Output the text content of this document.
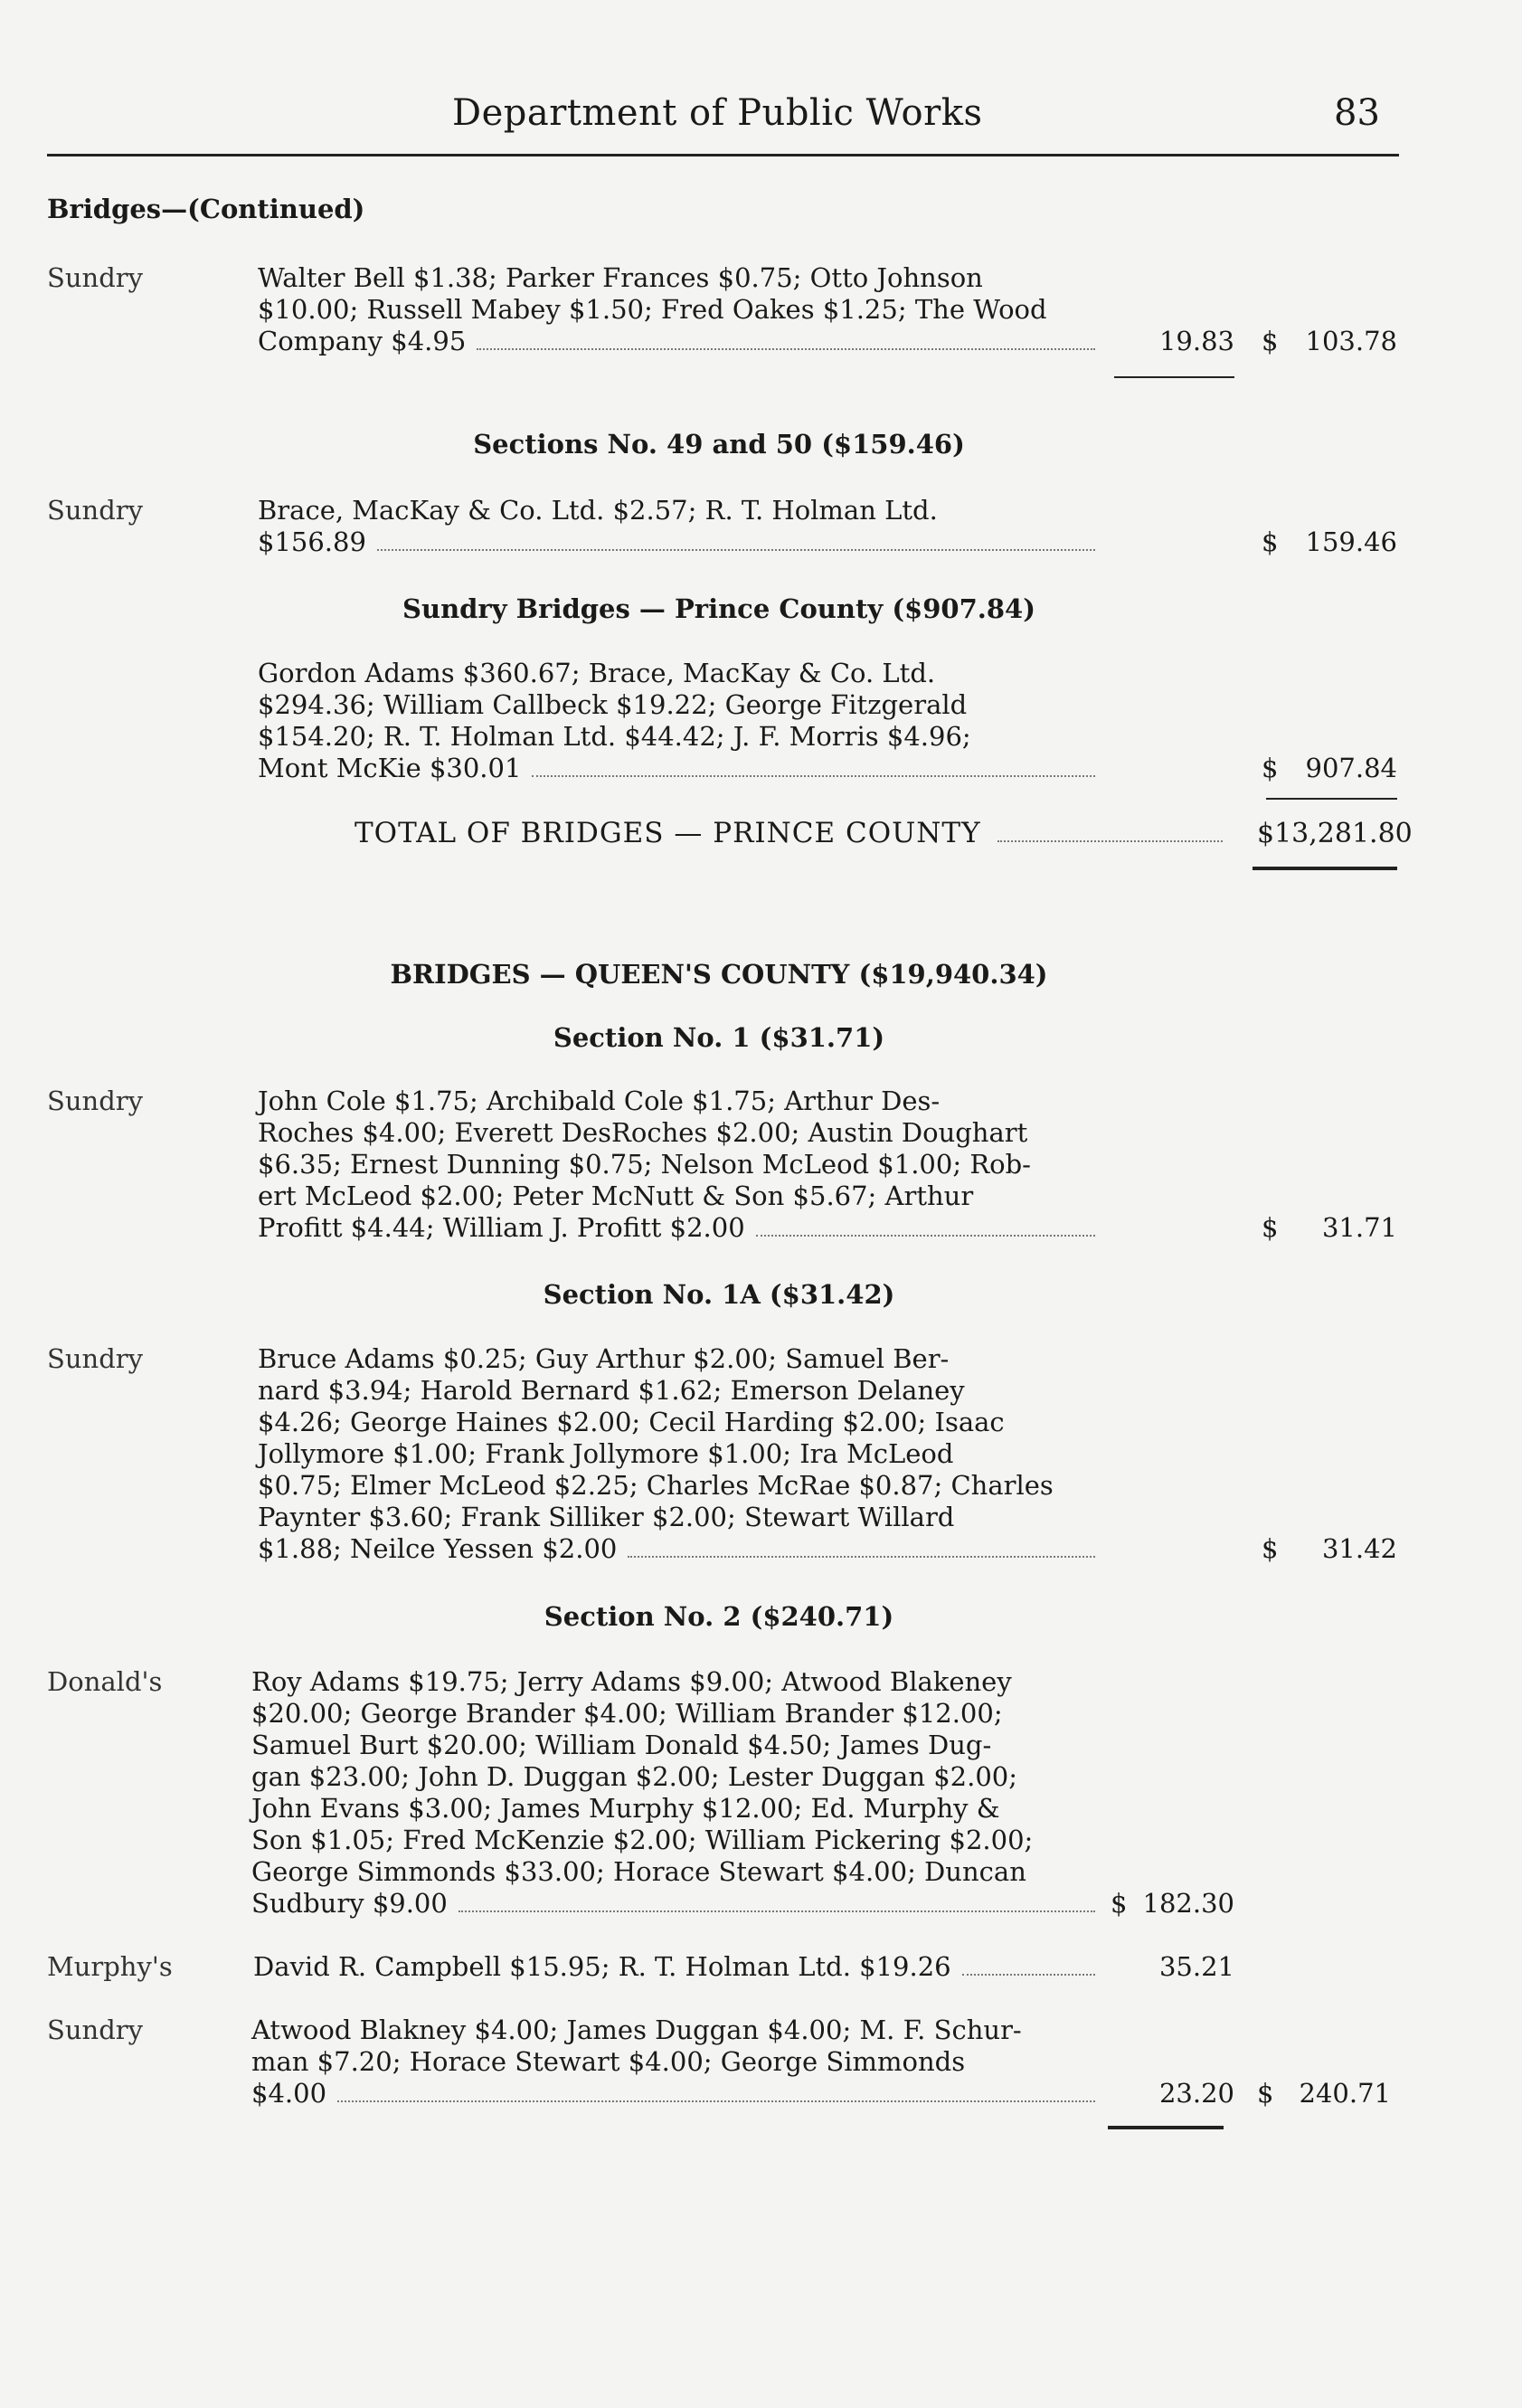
Department of Public Works	83
Bridges—(Continued)
Sundry	Walter Bell $1.38; Parker Frances $0.75; Otto Johnson
$10.00; Russell Mabey $1.50; Fred Oakes $1.25; The Wood
Company $4.95	19.83 $	103.78
Sections No. 49 and 50 ($159.46)
Sundry	Brace, MacKay & Co. Ltd. $2.57; R. T. Holman Ltd.
$156.89	$	159.46
Sundry Bridges — Prince County ($907.84)
Gordon Adams $360.67; Brace, MacKay & Co. Ltd.
$294.36; William Callbeck $19.22; George Fitzgerald
$154.20; R. T. Holman Ltd. $44.42; J. F. Morris $4.96;
Mont McKie $30.01	$	907.84
TOTAL OF BRIDGES — PRINCE COUNTY	$13,281.80
BRIDGES — QUEEN'S COUNTY ($19,940.34)
Section No. 1 ($31.71)
Sundry	John Cole $1.75; Archibald Cole $1.75; Arthur Des-
Roches $4.00; Everett DesRoches $2.00; Austin Doughart
$6.35; Ernest Dunning $0.75; Nelson McLeod $1.00; Rob-
ert McLeod $2.00; Peter McNutt & Son $5.67; Arthur
Profitt $4.44; William J. Profitt $2.00	$	31.71
Section No. 1A ($31.42)
Sundry	Bruce Adams $0.25; Guy Arthur $2.00; Samuel Ber-
nard $3.94; Harold Bernard $1.62; Emerson Delaney
$4.26; George Haines $2.00; Cecil Harding $2.00; Isaac
Jollymore $1.00; Frank Jollymore $1.00; Ira McLeod
$0.75; Elmer McLeod $2.25; Charles McRae $0.87; Charles
Paynter $3.60; Frank Silliker $2.00; Stewart Willard
$1.88; Neilce Yessen $2.00	$	31.42
Section No. 2 ($240.71)
Donald's	Roy Adams $19.75; Jerry Adams $9.00; Atwood Blakeney
$20.00; George Brander $4.00; William Brander $12.00;
Samuel Burt $20.00; William Donald $4.50; James Dug-
gan $23.00; John D. Duggan $2.00; Lester Duggan $2.00;
John Evans $3.00; James Murphy $12.00; Ed. Murphy &
Son $1.05; Fred McKenzie $2.00; William Pickering $2.00;
George Simmonds $33.00; Horace Stewart $4.00; Duncan
Sudbury $9.00	$ 182.30
Murphy's	David R. Campbell $15.95; R. T. Holman Ltd. $19.26	35.21
Sundry	Atwood Blakney $4.00; James Duggan $4.00; M. F. Schur-
man $7.20; Horace Stewart $4.00; George Simmonds
$4.00	23.20 $ 240.71
